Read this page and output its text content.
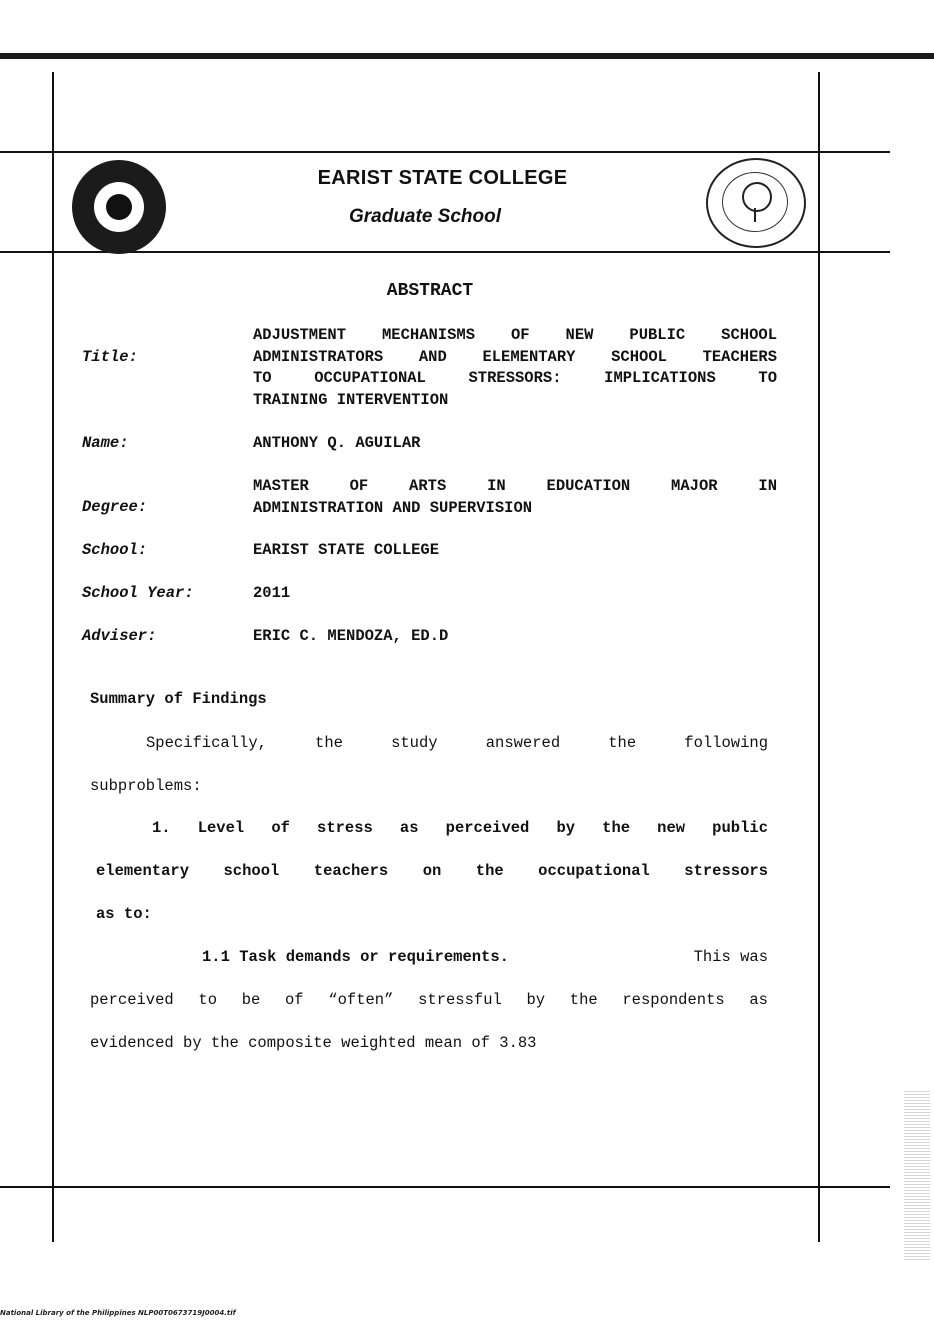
EARIST STATE COLLEGE
Graduate School
ABSTRACT
Title:
ADJUSTMENT MECHANISMS OF NEW PUBLIC SCHOOL
ADMINISTRATORS AND ELEMENTARY SCHOOL TEACHERS
TO OCCUPATIONAL STRESSORS: IMPLICATIONS TO
TRAINING INTERVENTION
Name:	ANTHONY Q. AGUILAR
Degree:
MASTER OF ARTS IN EDUCATION MAJOR IN
ADMINISTRATION AND SUPERVISION
School:	EARIST STATE COLLEGE
School Year:	2011
Adviser:	ERIC C. MENDOZA, ED.D
Summary of Findings
Specifically, the study answered the following
subproblems:
1. Level of stress as perceived by the new public
elementary school teachers on the occupational stressors
as to:
1.1 Task demands or requirements.	This was
perceived to be of “often” stressful by the respondents as
evidenced by the composite weighted mean of 3.83
National Library of the Philippines NLP00T0673719J0004.tif
